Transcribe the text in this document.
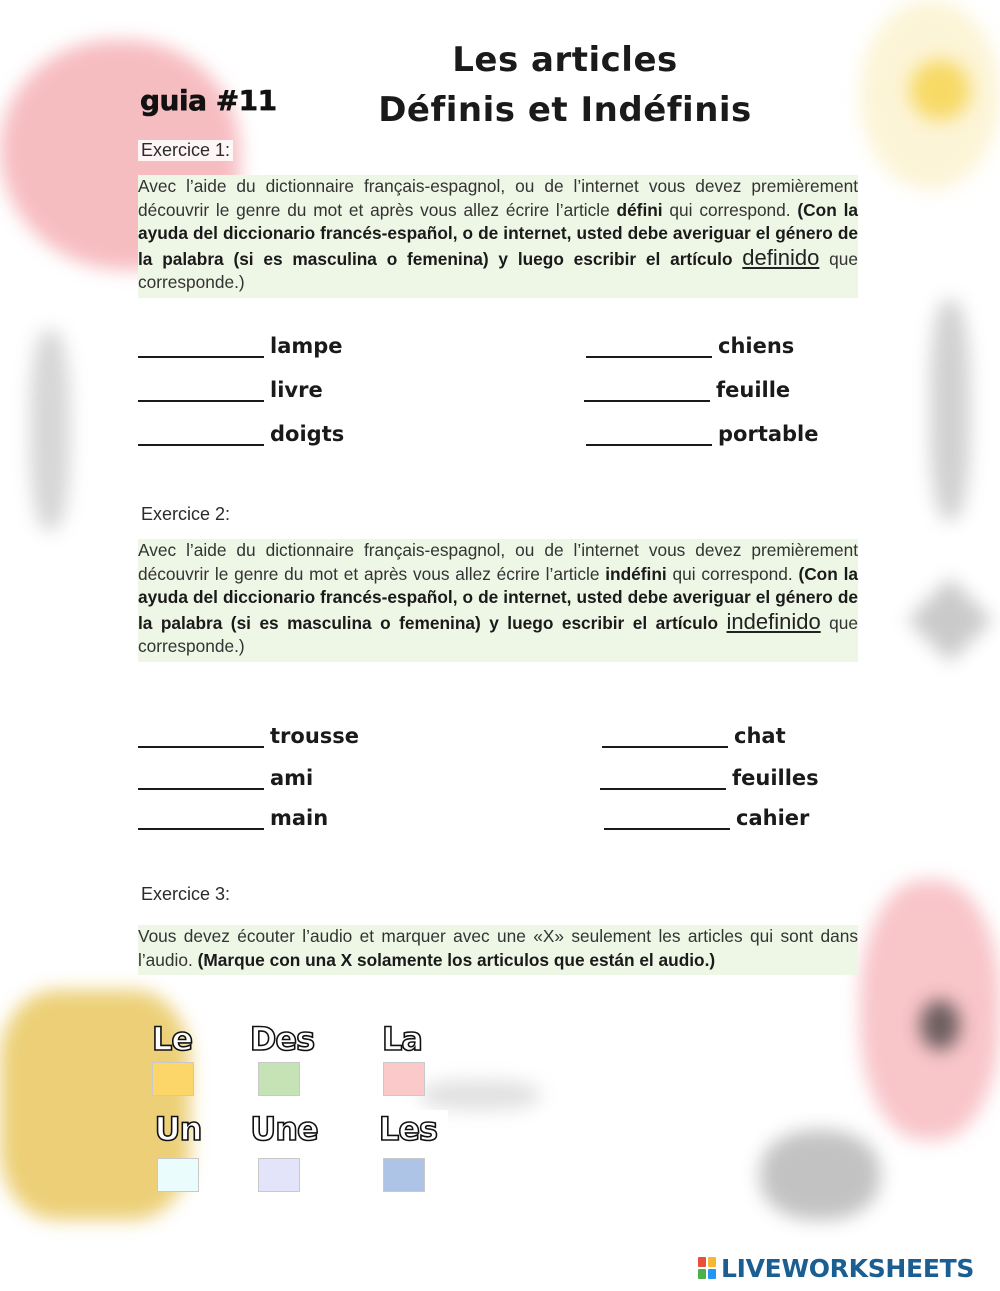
Les articles
Définis et Indéfinis
guia #11
Exercice 1:
Avec l’aide du dictionnaire français-espagnol, ou de l’internet vous devez premièrement découvrir le genre du mot et après vous allez écrire l’article défini qui correspond. (Con la ayuda del diccionario francés-español, o de internet, usted debe averiguar el género de la palabra (si es masculina o femenina) y luego escribir el artículo definido que corresponde.)
____________ lampe
____________ livre
____________ doigts
____________ chiens
____________ feuille
____________ portable
Exercice 2:
Avec l’aide du dictionnaire français-espagnol, ou de l’internet vous devez premièrement découvrir le genre du mot et après vous allez écrire l’article indéfini qui correspond. (Con la ayuda del diccionario francés-español, o de internet, usted debe averiguar el género de la palabra (si es masculina o femenina) y luego escribir el artículo indefinido que corresponde.)
____________ trousse
____________ ami
____________ main
____________ chat
____________ feuilles
____________ cahier
Exercice 3:
Vous devez écouter l’audio et marquer avec une «X» seulement les articles qui sont dans l’audio. (Marque con una X solamente los articulos que están el audio.)
Le	Des	La
Un	Une	Les
LIVEWORKSHEETS
